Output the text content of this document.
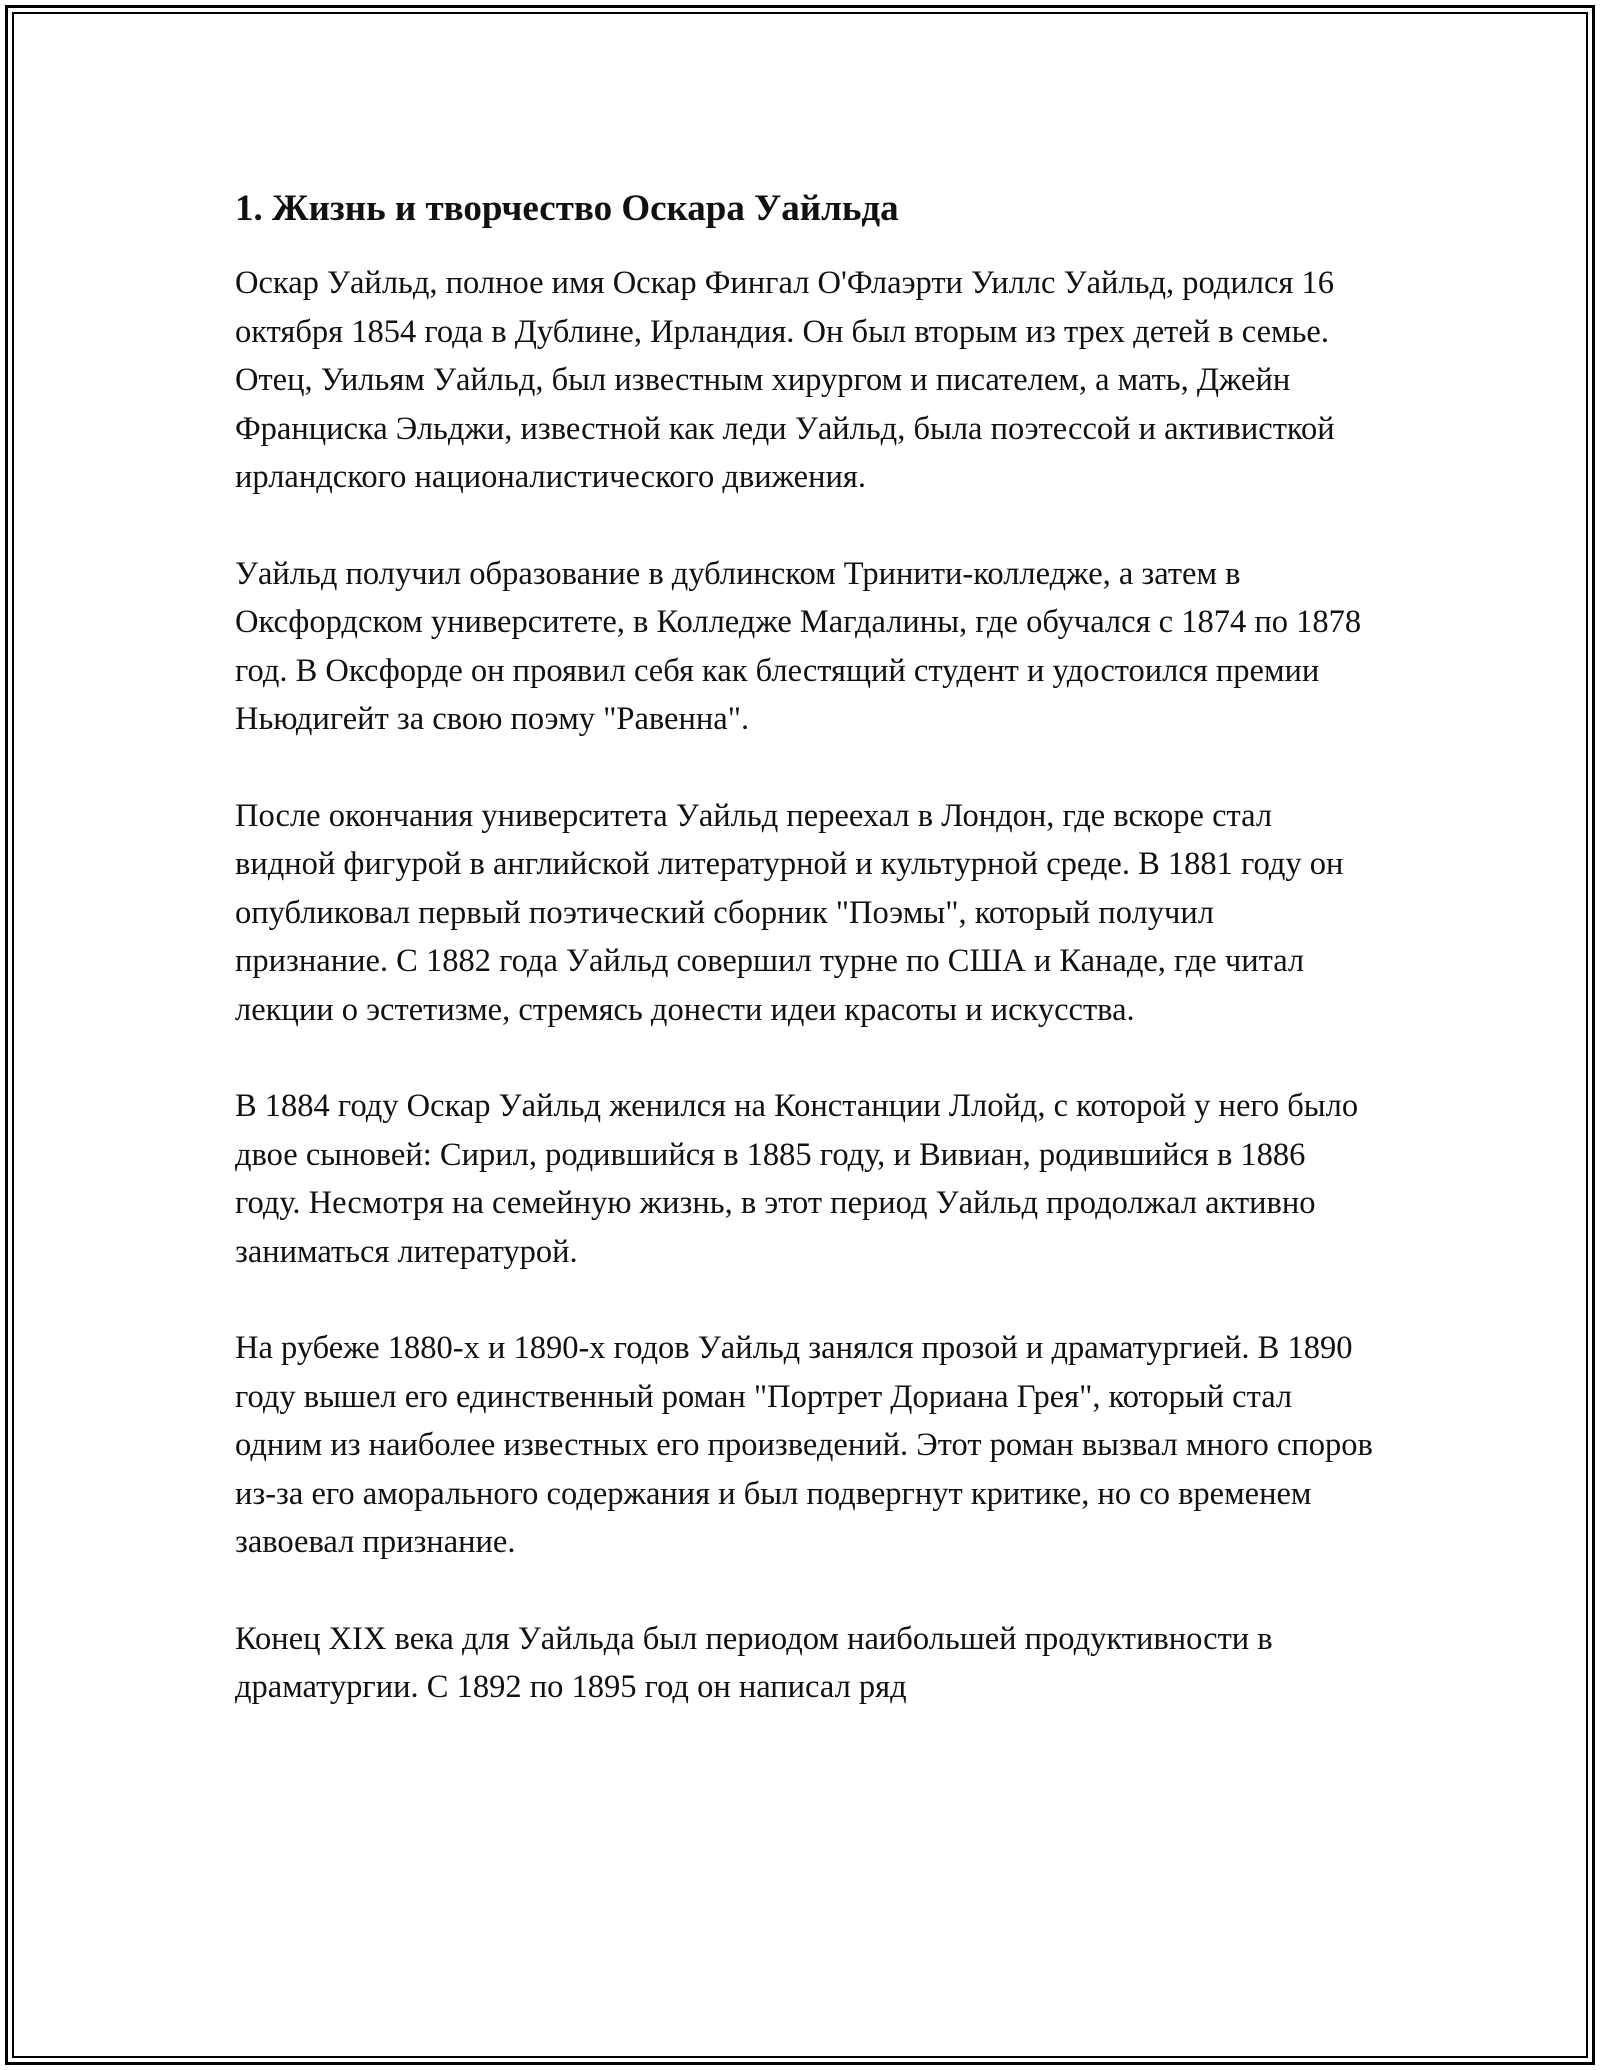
1. Жизнь и творчество Оскара Уайльда

Оскар Уайльд, полное имя Оскар Фингал О'Флаэрти Уиллс Уайльд, родился 16 октября 1854 года в Дублине, Ирландия. Он был вторым из трех детей в семье. Отец, Уильям Уайльд, был известным хирургом и писателем, а мать, Джейн Франциска Эльджи, известной как леди Уайльд, была поэтессой и активисткой ирландского националистического движения.

Уайльд получил образование в дублинском Тринити-колледже, а затем в Оксфордском университете, в Колледже Магдалины, где обучался с 1874 по 1878 год. В Оксфорде он проявил себя как блестящий студент и удостоился премии Ньюдигейт за свою поэму "Равенна".

После окончания университета Уайльд переехал в Лондон, где вскоре стал видной фигурой в английской литературной и культурной среде. В 1881 году он опубликовал первый поэтический сборник "Поэмы", который получил признание. С 1882 года Уайльд совершил турне по США и Канаде, где читал лекции о эстетизме, стремясь донести идеи красоты и искусства.

В 1884 году Оскар Уайльд женился на Констанции Ллойд, с которой у него было двое сыновей: Сирил, родившийся в 1885 году, и Вивиан, родившийся в 1886 году. Несмотря на семейную жизнь, в этот период Уайльд продолжал активно заниматься литературой.

На рубеже 1880-х и 1890-х годов Уайльд занялся прозой и драматургией. В 1890 году вышел его единственный роман "Портрет Дориана Грея", который стал одним из наиболее известных его произведений. Этот роман вызвал много споров из-за его аморального содержания и был подвергнут критике, но со временем завоевал признание.

Конец XIX века для Уайльда был периодом наибольшей продуктивности в драматургии. С 1892 по 1895 год он написал ряд
